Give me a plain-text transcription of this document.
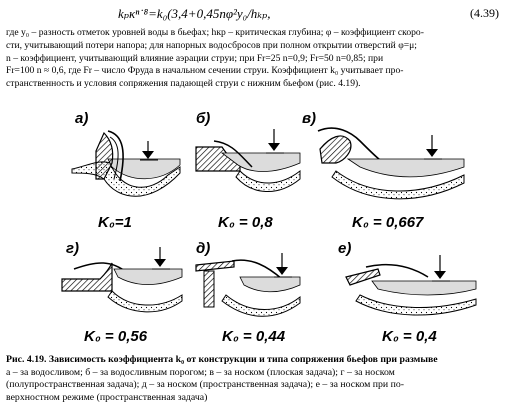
kₚκⁿ˙⁸=k₀(3,4+0,45nφ²y₀/hₖₚ,	(4.39)
где y₀ – разность отметок уровней воды в бьефах; hкр – критическая глубина; φ – коэффициент скоро-
сти, учитывающий потери напора; для напорных водосбросов при полном открытии отверстий φ=μ;
n – коэффициент, учитывающий влияние аэрации струи; при Fr=25 n=0,9; Fr=50 n=0,85; при
Fr=100 n ≈ 0,6, где Fr – число Фруда в начальном сечении струи. Коэффициент k₀ учитывает про-
странственность и условия сопряжения падающей струи с нижним бьефом (рис. 4.19).
а)
K₀=1
б)
K₀ = 0,8
в)
K₀ = 0,667
г)
K₀ = 0,56
д)
K₀ = 0,44
е)
K₀ = 0,4
Рис. 4.19. Зависимость коэффициента k₀ от конструкции и типа сопряжения бьефов при размыве
а – за водосливом; б – за водосливным порогом; в – за носком (плоская задача); г – за носком
(полупространственная задача); д – за носком (пространственная задача); е – за носком при по-
верхностном режиме (пространственная задача)
